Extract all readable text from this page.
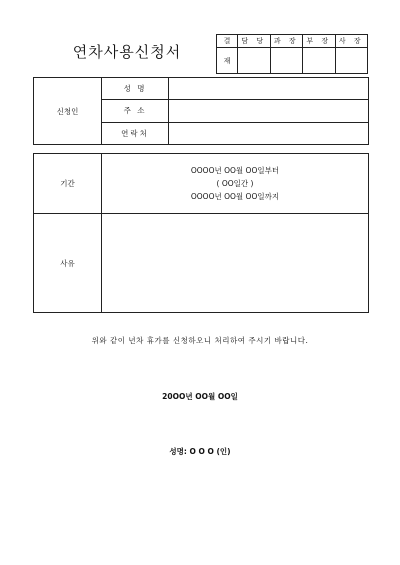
연차사용신청서
결	담 당	과 장	부 장	사 장
재				
신청인	성 명	
	주 소	
	연락처	
기간	OOOO년 OO월 OO일부터
( OO일간 )
OOOO년 OO월 OO일까지

사유	
위와 같이 년차 휴가를 신청하오니 처리하여 주시기 바랍니다.
20OO년 OO월 OO일
성명: O O O (인)
